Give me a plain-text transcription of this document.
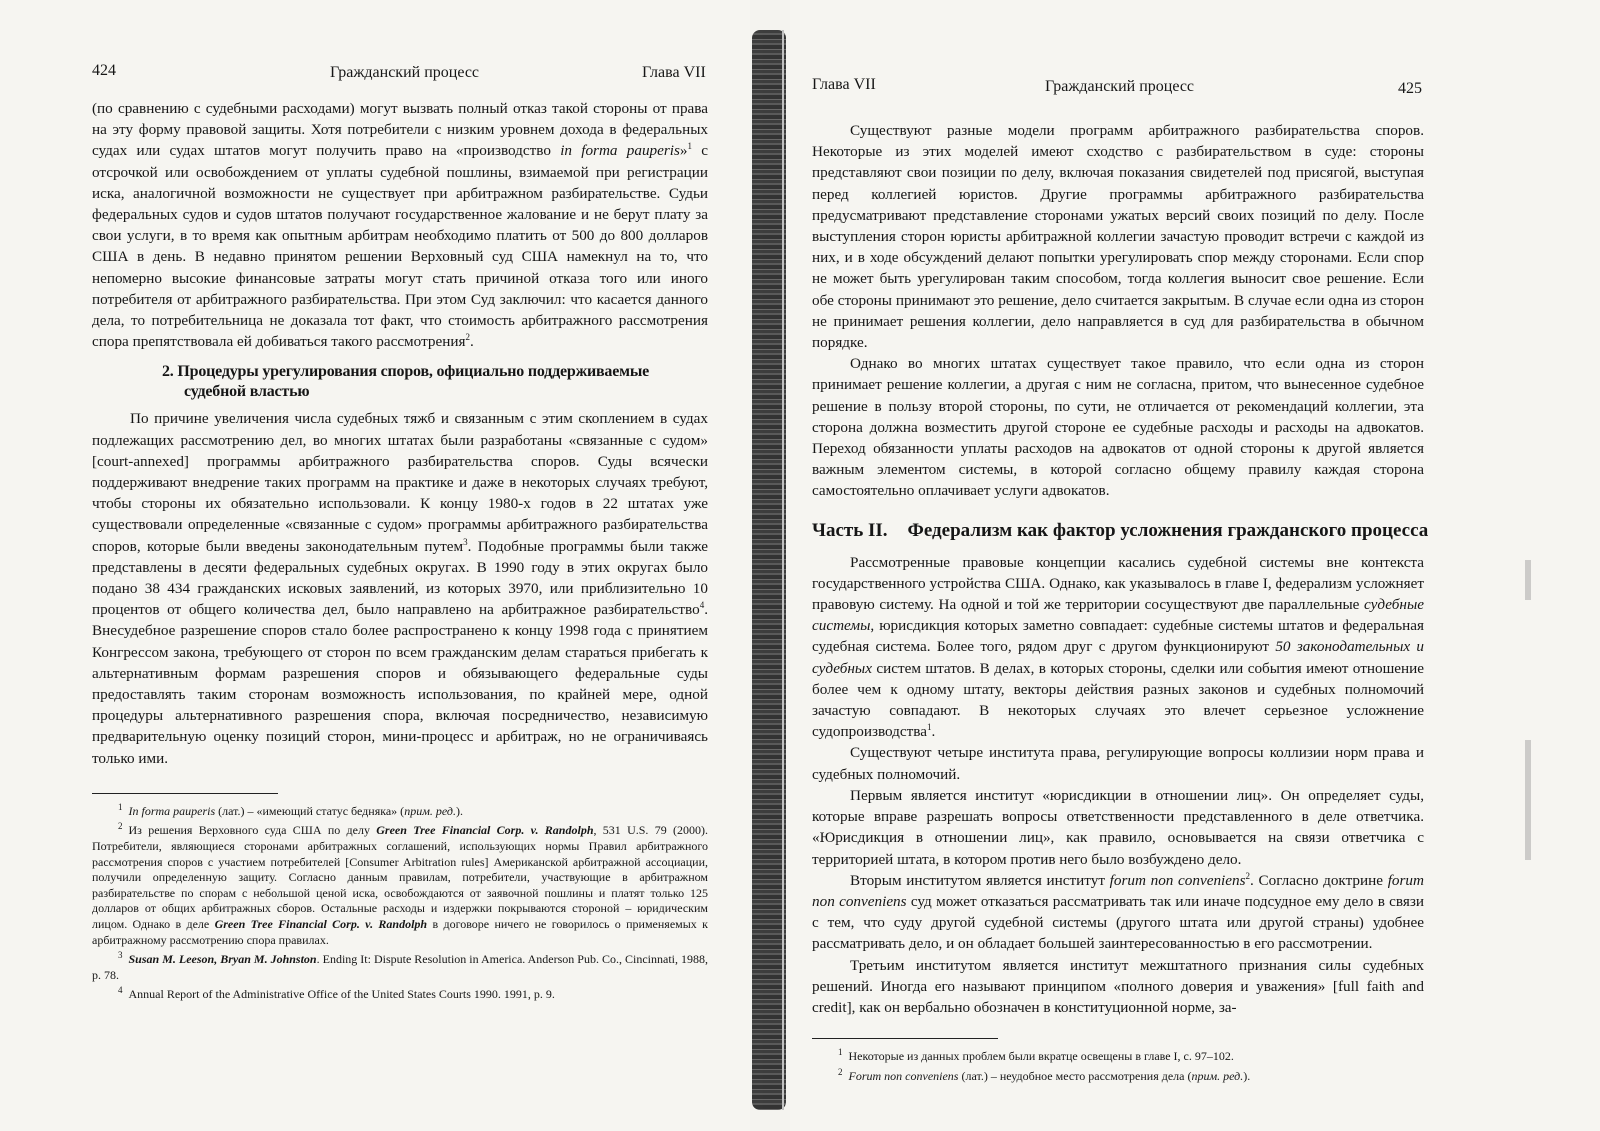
424	Гражданский процесс	Глава VII

(по сравнению с судебными расходами) могут вызвать полный отказ такой стороны от права на эту форму правовой защиты. Хотя потребители с низким уровнем дохода в федеральных судах или судах штатов могут получить право на «производство in forma pauperis»$^1$ с отсрочкой или освобождением от уплаты судебной пошлины, взимаемой при регистрации иска, аналогичной возможности не существует при арбитражном разбирательстве. Судьи федеральных судов и судов штатов получают государственное жалование и не берут плату за свои услуги, в то время как опытным арбитрам необходимо платить от 500 до 800 долларов США в день. В недавно принятом решении Верховный суд США намекнул на то, что непомерно высокие финансовые затраты могут стать причиной отказа того или иного потребителя от арбитражного разбирательства. При этом Суд заключил: что касается данного дела, то потребительница не доказала тот факт, что стоимость арбитражного рассмотрения спора препятствовала ей добиваться такого рассмотрения$^2$.

2. Процедуры урегулирования споров, официально поддерживаемые судебной властью

По причине увеличения числа судебных тяжб и связанным с этим скоплением в судах подлежащих рассмотрению дел, во многих штатах были разработаны «связанные с судом» [court-annexed] программы арбитражного разбирательства споров. Суды всячески поддерживают внедрение таких программ на практике и даже в некоторых случаях требуют, чтобы стороны их обязательно использовали. К концу 1980-х годов в 22 штатах уже существовали определенные «связанные с судом» программы арбитражного разбирательства споров, которые были введены законодательным путем$^3$. Подобные программы были также представлены в десяти федеральных судебных округах. В 1990 году в этих округах было подано 38 434 гражданских исковых заявлений, из которых 3970, или приблизительно 10 процентов от общего количества дел, было направлено на арбитражное разбирательство$^4$. Внесудебное разрешение споров стало более распространено к концу 1998 года с принятием Конгрессом закона, требующего от сторон по всем гражданским делам стараться прибегать к альтернативным формам разрешения споров и обязывающего федеральные суды предоставлять таким сторонам возможность использования, по крайней мере, одной процедуры альтернативного разрешения спора, включая посредничество, независимую предварительную оценку позиций сторон, мини-процесс и арбитраж, но не ограничиваясь только ими.

$^1$ In forma pauperis (лат.) – «имеющий статус бедняка» (прим. ред.).

$^2$ Из решения Верховного суда США по делу Green Tree Financial Corp. v. Randolph, 531 U.S. 79 (2000). Потребители, являющиеся сторонами арбитражных соглашений, использующих нормы Правил арбитражного рассмотрения споров с участием потребителей [Consumer Arbitration rules] Американской арбитражной ассоциации, получили определенную защиту. Согласно данным правилам, потребители, участвующие в арбитражном разбирательстве по спорам с небольшой ценой иска, освобождаются от заявочной пошлины и платят только 125 долларов от общих арбитражных сборов. Остальные расходы и издержки покрываются стороной – юридическим лицом. Однако в деле Green Tree Financial Corp. v. Randolph в договоре ничего не говорилось о применяемых к арбитражному рассмотрению спора правилах.

$^3$ Susan M. Leeson, Bryan M. Johnston. Ending It: Dispute Resolution in America. Anderson Pub. Co., Cincinnati, 1988, p. 78.

$^4$ Annual Report of the Administrative Office of the United States Courts 1990. 1991, p. 9.

Глава VII	Гражданский процесс	425

Существуют разные модели программ арбитражного разбирательства споров. Некоторые из этих моделей имеют сходство с разбирательством в суде: стороны представляют свои позиции по делу, включая показания свидетелей под присягой, выступая перед коллегией юристов. Другие программы арбитражного разбирательства предусматривают представление сторонами ужатых версий своих позиций по делу. После выступления сторон юристы арбитражной коллегии зачастую проводит встречи с каждой из них, и в ходе обсуждений делают попытки урегулировать спор между сторонами. Если спор не может быть урегулирован таким способом, тогда коллегия выносит свое решение. Если обе стороны принимают это решение, дело считается закрытым. В случае если одна из сторон не принимает решения коллегии, дело направляется в суд для разбирательства в обычном порядке.

Однако во многих штатах существует такое правило, что если одна из сторон принимает решение коллегии, а другая с ним не согласна, притом, что вынесенное судебное решение в пользу второй стороны, по сути, не отличается от рекомендаций коллегии, эта сторона должна возместить другой стороне ее судебные расходы и расходы на адвокатов. Переход обязанности уплаты расходов на адвокатов от одной стороны к другой является важным элементом системы, в которой согласно общему правилу каждая сторона самостоятельно оплачивает услуги адвокатов.

Часть II. Федерализм как фактор усложнения гражданского процесса

Рассмотренные правовые концепции касались судебной системы вне контекста государственного устройства США. Однако, как указывалось в главе I, федерализм усложняет правовую систему. На одной и той же территории сосуществуют две параллельные судебные системы, юрисдикция которых заметно совпадает: судебные системы штатов и федеральная судебная система. Более того, рядом друг с другом функционируют 50 законодательных и судебных систем штатов. В делах, в которых стороны, сделки или события имеют отношение более чем к одному штату, векторы действия разных законов и судебных полномочий зачастую совпадают. В некоторых случаях это влечет серьезное усложнение судопроизводства$^1$.

Существуют четыре института права, регулирующие вопросы коллизии норм права и судебных полномочий.

Первым является институт «юрисдикции в отношении лиц». Он определяет суды, которые вправе разрешать вопросы ответственности представленного в деле ответчика. «Юрисдикция в отношении лиц», как правило, основывается на связи ответчика с территорией штата, в котором против него было возбуждено дело.

Вторым институтом является институт forum non conveniens$^2$. Согласно доктрине forum non conveniens суд может отказаться рассматривать так или иначе подсудное ему дело в связи с тем, что суду другой судебной системы (другого штата или другой страны) удобнее рассматривать дело, и он обладает большей заинтересованностью в его рассмотрении.

Третьим институтом является институт межштатного признания силы судебных решений. Иногда его называют принципом «полного доверия и уважения» [full faith and credit], как он вербально обозначен в конституционной норме, за-

$^1$ Некоторые из данных проблем были вкратце освещены в главе I, с. 97–102.

$^2$ Forum non conveniens (лат.) – неудобное место рассмотрения дела (прим. ред.).
